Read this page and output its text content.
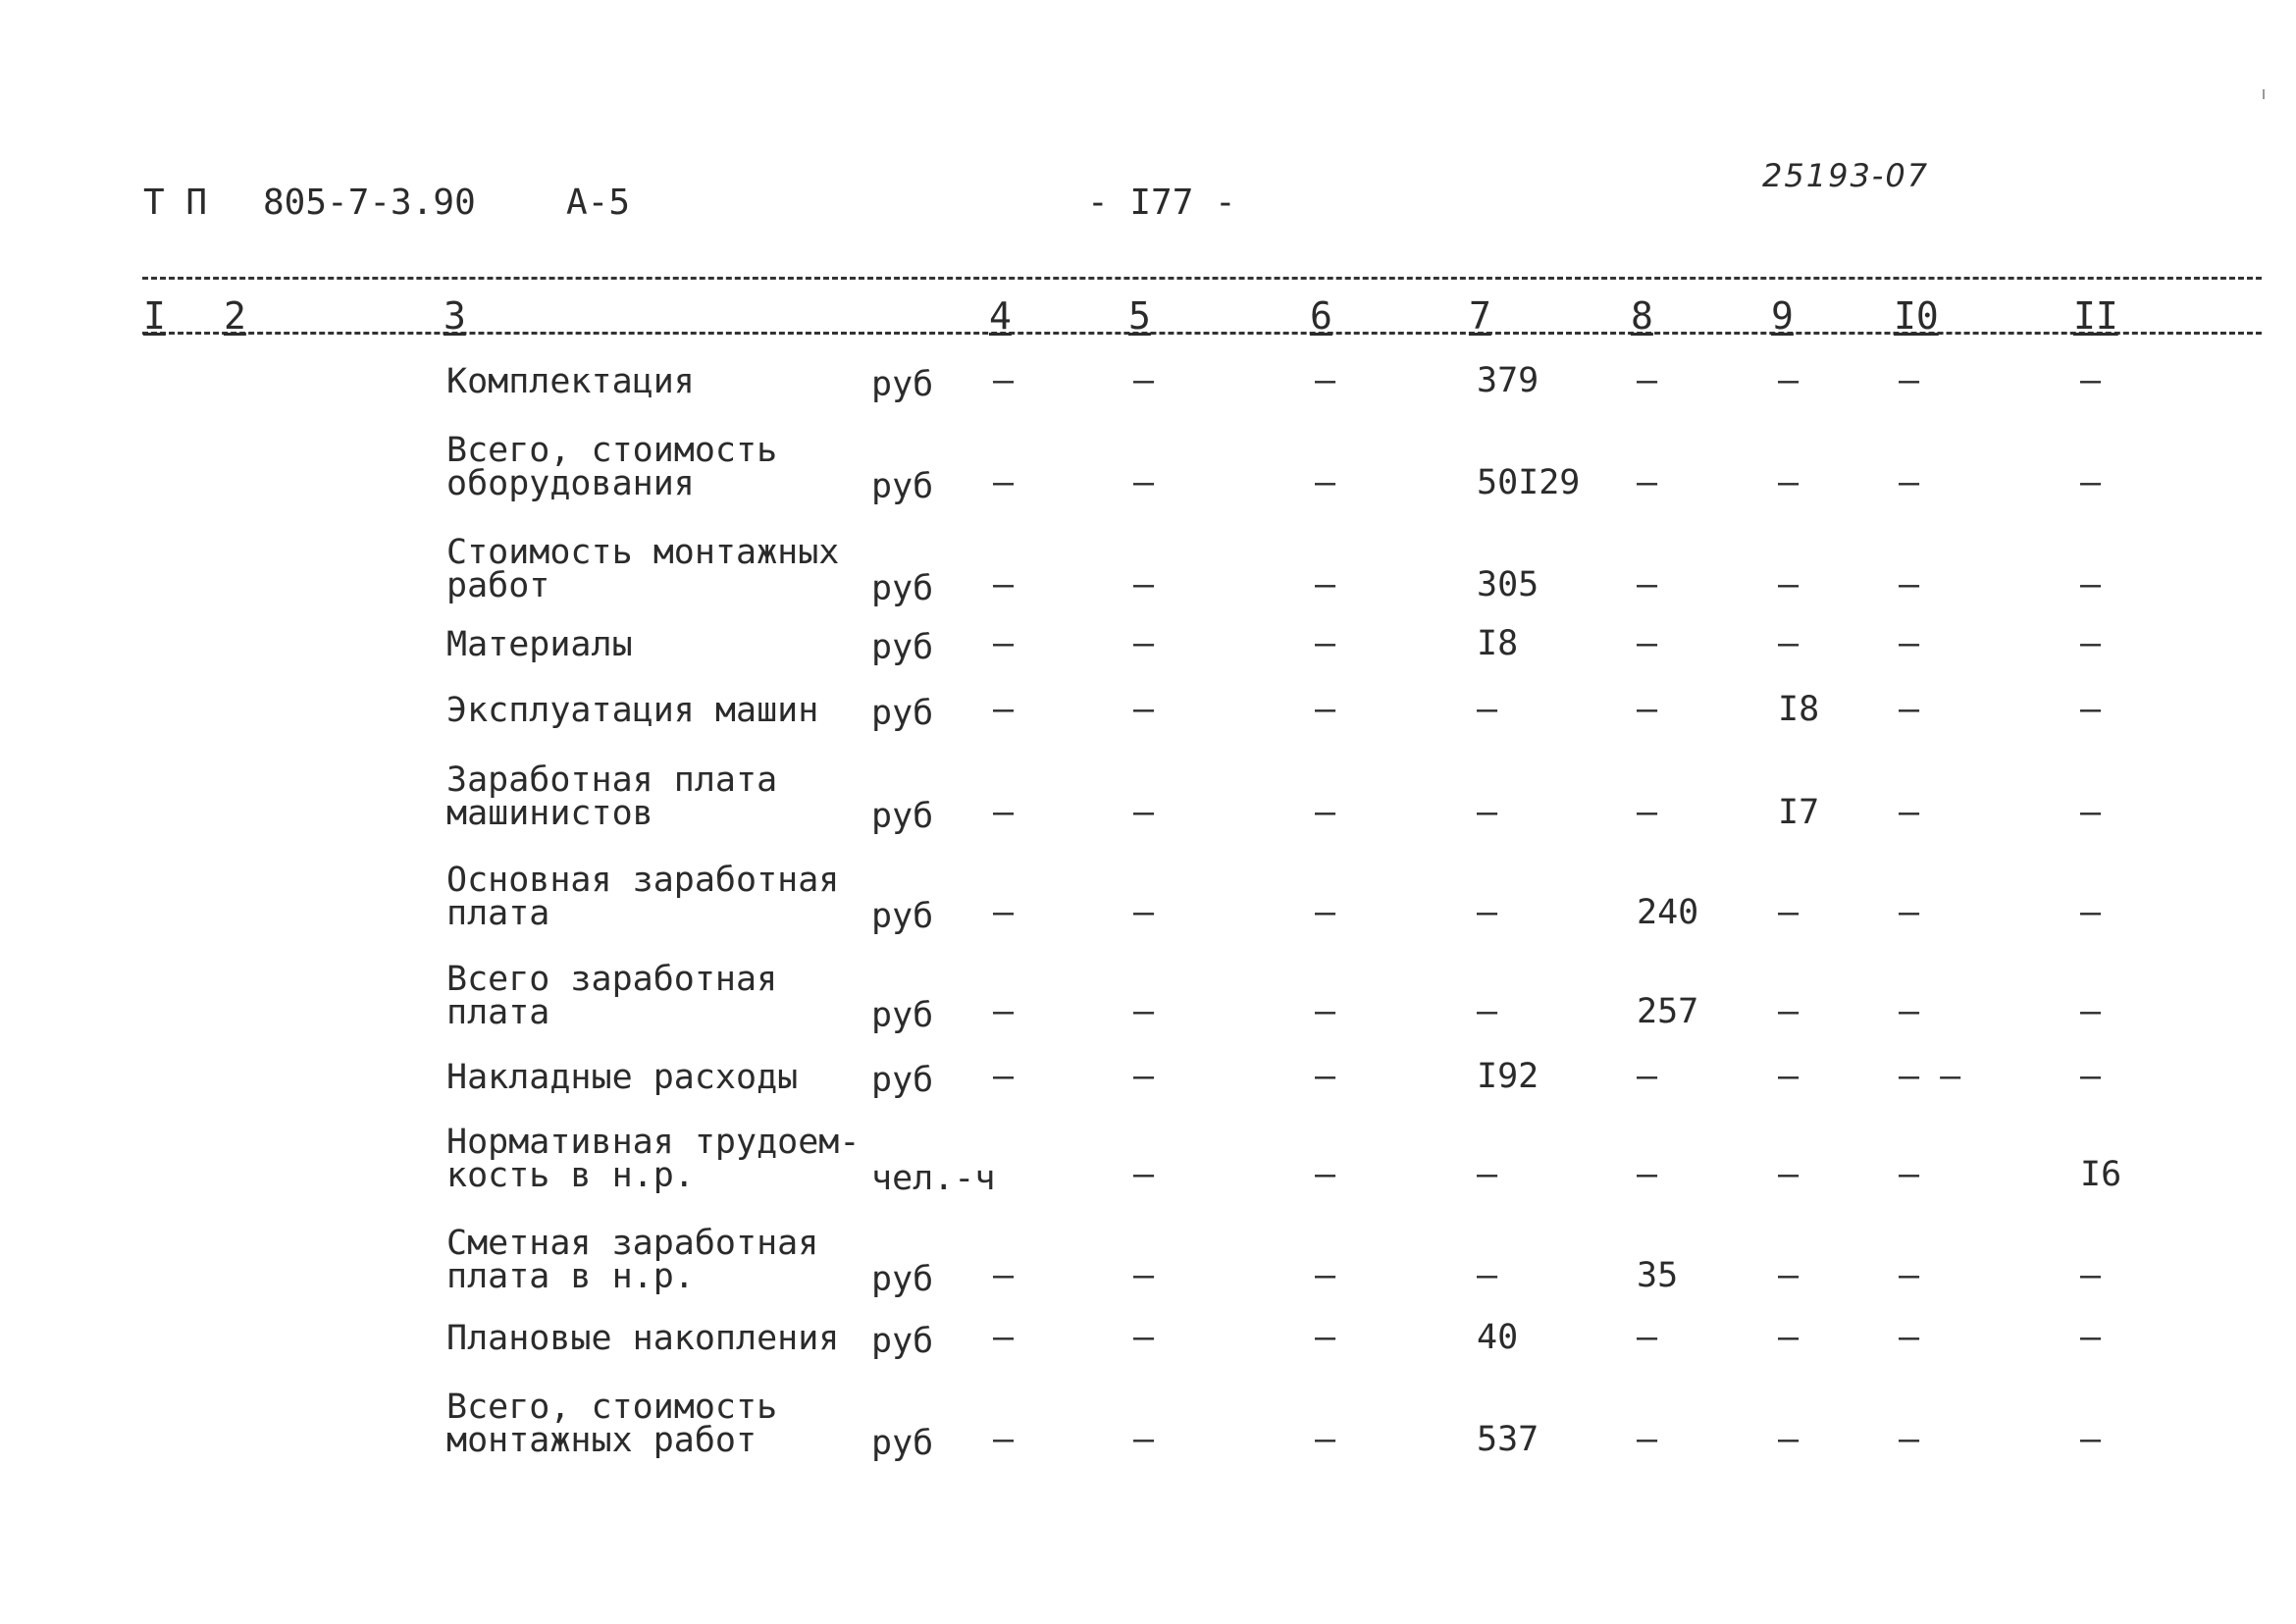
Т П 805-7-3.90	А-5	- I77 -
25193-07
I 2	3	4	5	6	7	8	9	I0	II
Комплектация	руб –	–	–	379	–	–	–	–
Всего, стоимость
оборудования	руб –	–	–	50I29 –	–	–	–
Стоимость монтажных
работ	руб –	–	–	305	–	–	–	–
Материалы	руб –	–	–	I8	–	–	–	–
Эксплуатация машин руб –	–	–	–	–	I8 –	–
Заработная плата
машинистов	руб –	–	–	–	–	I7 –	–
Основная заработная
плата	руб –	–	–	–	240 –	–	–
Всего заработная
плата	руб –	–	–	–	257 –	–	–
Накладные расходы руб –	–	–	I92	–	–	– –	–
Нормативная трудоем-
кость в н.р.	чел.-ч	–	–	–	–	–	–	I6
Сметная заработная
плата в н.р.	руб –	–	–	–	35	–	–	–
Плановые накопления руб –	–	–	40	–	–	–	–
Всего, стоимость
монтажных работ	руб –	–	–	537	–	–	–	–
